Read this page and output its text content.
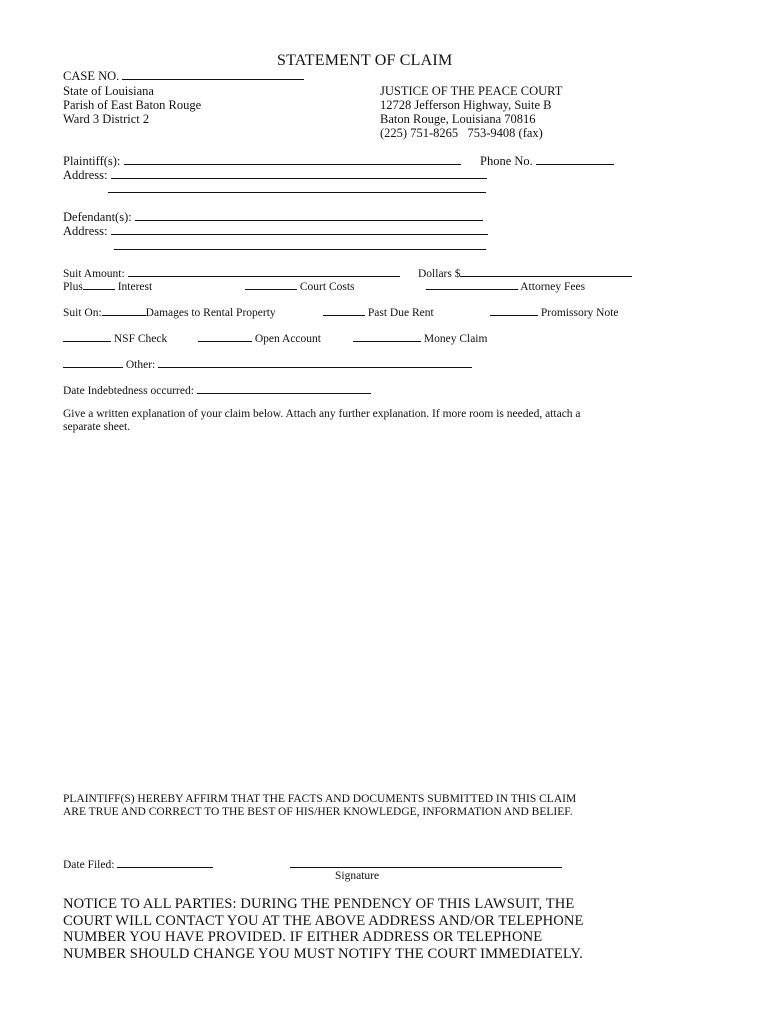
STATEMENT OF CLAIM
CASE NO.
State of Louisiana
Parish of East Baton Rouge
Ward 3 District 2
JUSTICE OF THE PEACE COURT
12728 Jefferson Highway, Suite B
Baton Rouge, Louisiana 70816
(225) 751-8265   753-9408 (fax)
Plaintiff(s):	Phone No.
Address:
Defendant(s):
Address:
Suit Amount:	Dollars $
Plus	Interest	Court Costs	Attorney Fees
Suit On:	Damages to Rental Property	Past Due Rent	Promissory Note
NSF Check	Open Account	Money Claim
Other:
Date Indebtedness occurred:
Give a written explanation of your claim below. Attach any further explanation. If more room is needed, attach a
separate sheet.
PLAINTIFF(S) HEREBY AFFIRM THAT THE FACTS AND DOCUMENTS SUBMITTED IN THIS CLAIM
ARE TRUE AND CORRECT TO THE BEST OF HIS/HER KNOWLEDGE, INFORMATION AND BELIEF.
Date Filed:
Signature
NOTICE TO ALL PARTIES: DURING THE PENDENCY OF THIS LAWSUIT, THE
COURT WILL CONTACT YOU AT THE ABOVE ADDRESS AND/OR TELEPHONE
NUMBER YOU HAVE PROVIDED. IF EITHER ADDRESS OR TELEPHONE
NUMBER SHOULD CHANGE YOU MUST NOTIFY THE COURT IMMEDIATELY.
